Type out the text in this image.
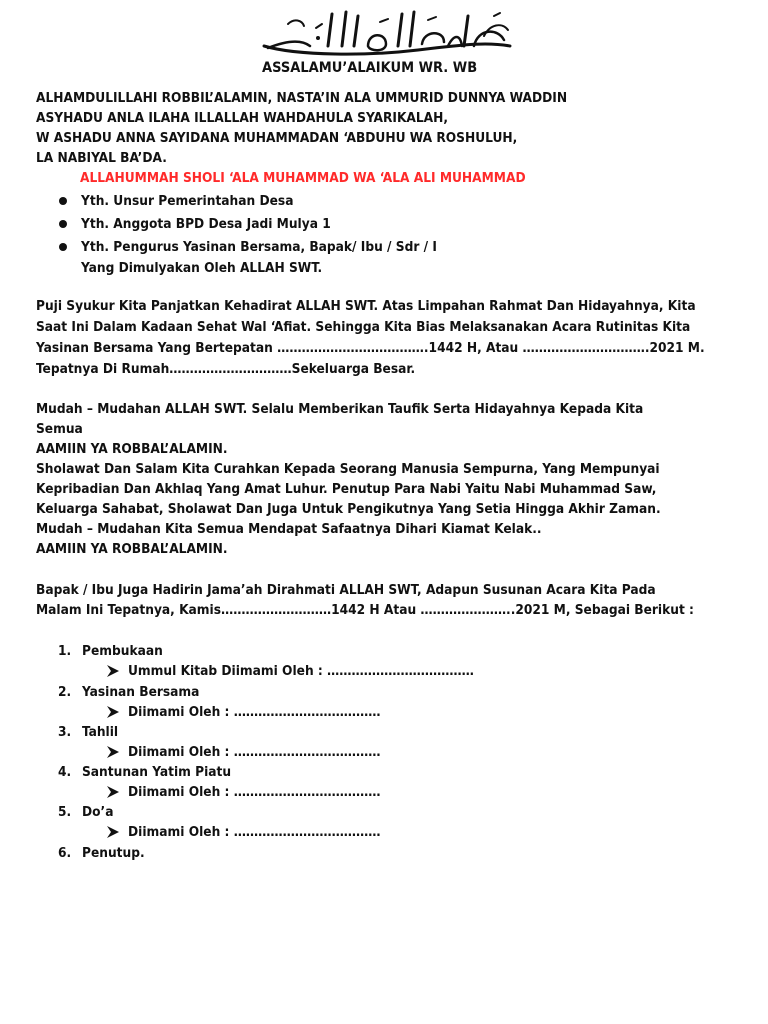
بِسْمِ اللّٰهِ الرَّحْمٰنِ الرَّحِيْمِ
ASSALAMU’ALAIKUM WR. WB
ALHAMDULILLAHI ROBBIL’ALAMIN, NASTA’IN ALA UMMURID DUNNYA WADDIN
ASYHADU ANLA ILAHA ILLALLAH WAHDAHULA SYARIKALAH,
W ASHADU ANNA SAYIDANA MUHAMMADAN ‘ABDUHU WA ROSHULUH,
LA NABIYAL BA’DA.
ALLAHUMMAH SHOLI ‘ALA MUHAMMAD WA ‘ALA ALI MUHAMMAD
Yth. Unsur Pemerintahan Desa
Yth. Anggota BPD Desa Jadi Mulya 1
Yth. Pengurus Yasinan Bersama, Bapak/ Ibu / Sdr / I
Yang Dimulyakan Oleh ALLAH SWT.
Puji Syukur Kita Panjatkan Kehadirat ALLAH SWT. Atas Limpahan Rahmat Dan Hidayahnya, Kita
Saat Ini Dalam Kadaan Sehat Wal ‘Afiat. Sehingga Kita Bias Melaksanakan Acara Rutinitas Kita
Yasinan Bersama Yang Bertepatan ……………………………….1442 H, Atau ………………………….2021 M.
Tepatnya Di Rumah…………………………Sekeluarga Besar.
Mudah – Mudahan ALLAH SWT. Selalu Memberikan Taufik Serta Hidayahnya Kepada Kita
Semua
AAMIIN YA ROBBAL’ALAMIN.
Sholawat Dan Salam Kita Curahkan Kepada Seorang Manusia Sempurna, Yang Mempunyai
Kepribadian Dan Akhlaq Yang Amat Luhur. Penutup Para Nabi Yaitu Nabi Muhammad Saw,
Keluarga Sahabat, Sholawat Dan Juga Untuk Pengikutnya Yang Setia Hingga Akhir Zaman.
Mudah – Mudahan Kita Semua Mendapat Safaatnya Dihari Kiamat Kelak..
AAMIIN YA ROBBAL’ALAMIN.
Bapak / Ibu Juga Hadirin Jama’ah Dirahmati ALLAH SWT, Adapun Susunan Acara Kita Pada
Malam Ini Tepatnya, Kamis………………………1442 H Atau …………………..2021 M, Sebagai Berikut :
1. Pembukaan
Ummul Kitab Diimami Oleh : ………………………………
2. Yasinan Bersama
Diimami Oleh : ………………………………
3. Tahlil
Diimami Oleh : ………………………………
4. Santunan Yatim Piatu
Diimami Oleh : ………………………………
5. Do’a
Diimami Oleh : ………………………………
6. Penutup.
